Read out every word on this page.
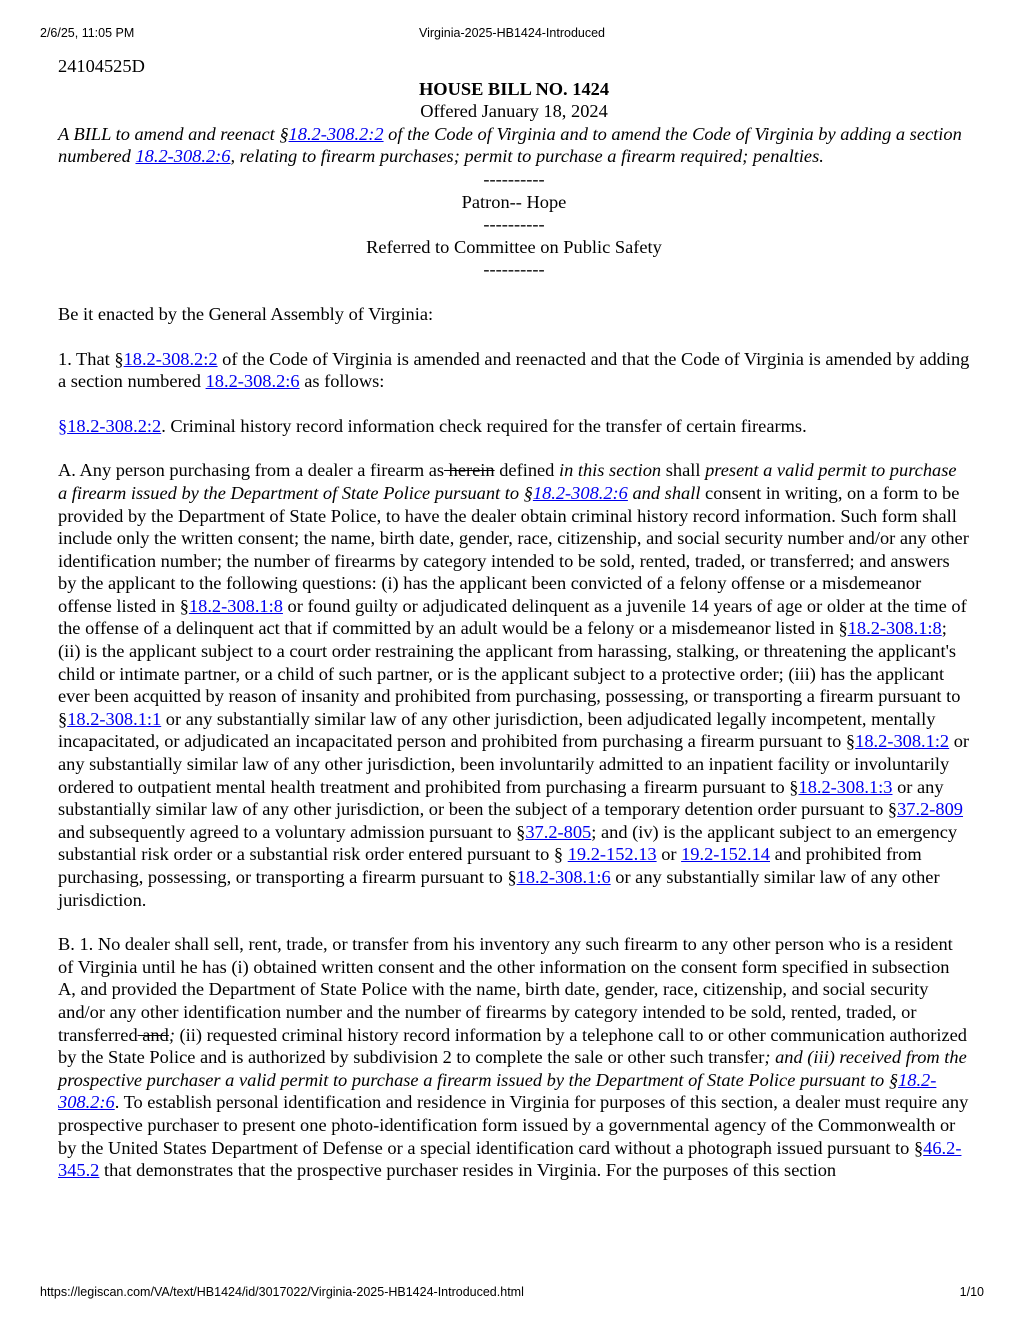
2/6/25, 11:05 PM	Virginia-2025-HB1424-Introduced

24104525D

HOUSE BILL NO. 1424

Offered January 18, 2024

A BILL to amend and reenact §18.2-308.2:2 of the Code of Virginia and to amend the Code of Virginia by adding a section numbered 18.2-308.2:6, relating to firearm purchases; permit to purchase a firearm required; penalties.

----------

Patron-- Hope

----------

Referred to Committee on Public Safety

----------

Be it enacted by the General Assembly of Virginia:

1. That §18.2-308.2:2 of the Code of Virginia is amended and reenacted and that the Code of Virginia is amended by adding a section numbered 18.2-308.2:6 as follows:

§18.2-308.2:2. Criminal history record information check required for the transfer of certain firearms.

A. Any person purchasing from a dealer a firearm as herein defined in this section shall present a valid permit to purchase a firearm issued by the Department of State Police pursuant to §18.2-308.2:6 and shall consent in writing, on a form to be provided by the Department of State Police, to have the dealer obtain criminal history record information. Such form shall include only the written consent; the name, birth date, gender, race, citizenship, and social security number and/or any other identification number; the number of firearms by category intended to be sold, rented, traded, or transferred; and answers by the applicant to the following questions: (i) has the applicant been convicted of a felony offense or a misdemeanor offense listed in §18.2-308.1:8 or found guilty or adjudicated delinquent as a juvenile 14 years of age or older at the time of the offense of a delinquent act that if committed by an adult would be a felony or a misdemeanor listed in §18.2-308.1:8; (ii) is the applicant subject to a court order restraining the applicant from harassing, stalking, or threatening the applicant's child or intimate partner, or a child of such partner, or is the applicant subject to a protective order; (iii) has the applicant ever been acquitted by reason of insanity and prohibited from purchasing, possessing, or transporting a firearm pursuant to §18.2-308.1:1 or any substantially similar law of any other jurisdiction, been adjudicated legally incompetent, mentally incapacitated, or adjudicated an incapacitated person and prohibited from purchasing a firearm pursuant to §18.2-308.1:2 or any substantially similar law of any other jurisdiction, been involuntarily admitted to an inpatient facility or involuntarily ordered to outpatient mental health treatment and prohibited from purchasing a firearm pursuant to §18.2-308.1:3 or any substantially similar law of any other jurisdiction, or been the subject of a temporary detention order pursuant to §37.2-809 and subsequently agreed to a voluntary admission pursuant to §37.2-805; and (iv) is the applicant subject to an emergency substantial risk order or a substantial risk order entered pursuant to § 19.2-152.13 or 19.2-152.14 and prohibited from purchasing, possessing, or transporting a firearm pursuant to §18.2-308.1:6 or any substantially similar law of any other jurisdiction.

B. 1. No dealer shall sell, rent, trade, or transfer from his inventory any such firearm to any other person who is a resident of Virginia until he has (i) obtained written consent and the other information on the consent form specified in subsection A, and provided the Department of State Police with the name, birth date, gender, race, citizenship, and social security and/or any other identification number and the number of firearms by category intended to be sold, rented, traded, or transferred and; (ii) requested criminal history record information by a telephone call to or other communication authorized by the State Police and is authorized by subdivision 2 to complete the sale or other such transfer; and (iii) received from the prospective purchaser a valid permit to purchase a firearm issued by the Department of State Police pursuant to §18.2-308.2:6. To establish personal identification and residence in Virginia for purposes of this section, a dealer must require any prospective purchaser to present one photo-identification form issued by a governmental agency of the Commonwealth or by the United States Department of Defense or a special identification card without a photograph issued pursuant to §46.2-345.2 that demonstrates that the prospective purchaser resides in Virginia. For the purposes of this section

https://legiscan.com/VA/text/HB1424/id/3017022/Virginia-2025-HB1424-Introduced.html	1/10
